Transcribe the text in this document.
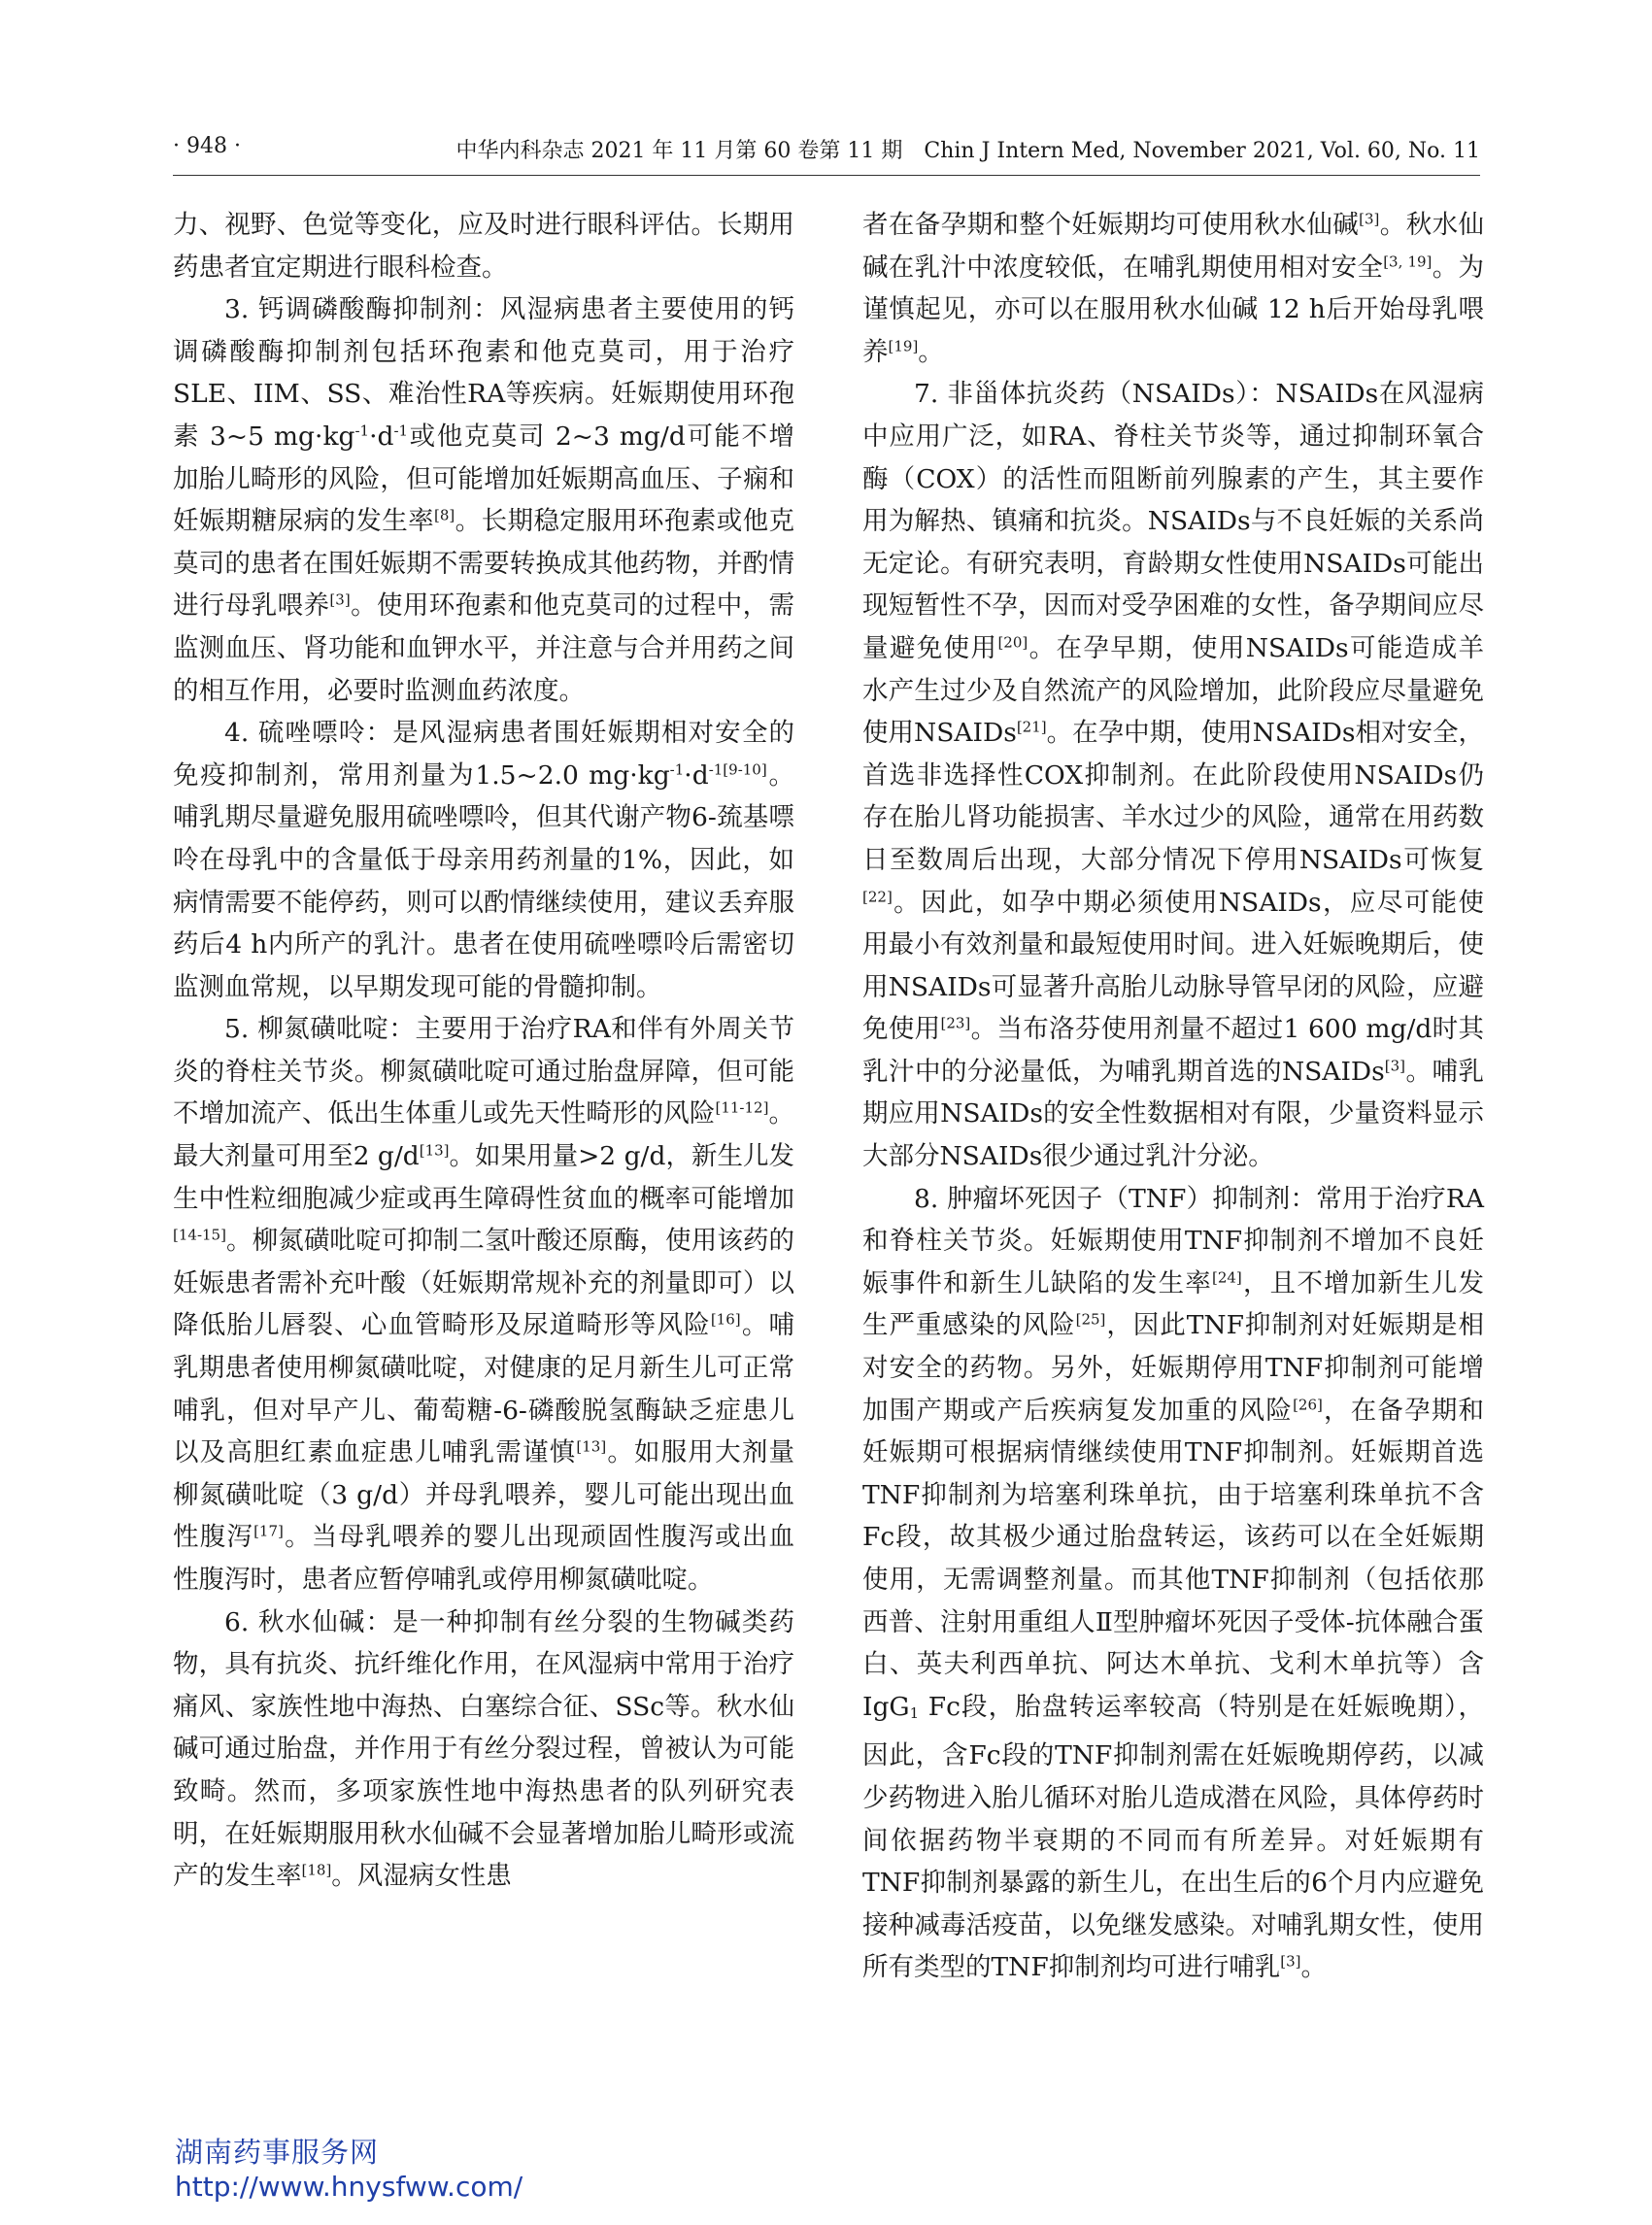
· 948 ·	中华内科杂志 2021 年 11 月第 60 卷第 11 期　Chin J Intern Med, November 2021, Vol. 60, No. 11

力、视野、色觉等变化，应及时进行眼科评估。长期用药患者宜定期进行眼科检查。

3. 钙调磷酸酶抑制剂：风湿病患者主要使用的钙调磷酸酶抑制剂包括环孢素和他克莫司，用于治疗SLE、IIM、SS、难治性RA等疾病。妊娠期使用环孢素 3~5 $mg\cdot kg^{-1}\cdot d^{-1}$或他克莫司 2~3 mg/d可能不增加胎儿畸形的风险，但可能增加妊娠期高血压、子痫和妊娠期糖尿病的发生率[8]。长期稳定服用环孢素或他克莫司的患者在围妊娠期不需要转换成其他药物，并酌情进行母乳喂养[3]。使用环孢素和他克莫司的过程中，需监测血压、肾功能和血钾水平，并注意与合并用药之间的相互作用，必要时监测血药浓度。

4. 硫唑嘌呤：是风湿病患者围妊娠期相对安全的免疫抑制剂，常用剂量为1.5~2.0 $mg\cdot kg^{-1}\cdot d^{-1[9-10]}$。哺乳期尽量避免服用硫唑嘌呤，但其代谢产物6-巯基嘌呤在母乳中的含量低于母亲用药剂量的1%，因此，如病情需要不能停药，则可以酌情继续使用，建议丢弃服药后4 h内所产的乳汁。患者在使用硫唑嘌呤后需密切监测血常规，以早期发现可能的骨髓抑制。

5. 柳氮磺吡啶：主要用于治疗RA和伴有外周关节炎的脊柱关节炎。柳氮磺吡啶可通过胎盘屏障，但可能不增加流产、低出生体重儿或先天性畸形的风险[11-12]。最大剂量可用至2 g/d[13]。如果用量>2 g/d，新生儿发生中性粒细胞减少症或再生障碍性贫血的概率可能增加[14-15]。柳氮磺吡啶可抑制二氢叶酸还原酶，使用该药的妊娠患者需补充叶酸（妊娠期常规补充的剂量即可）以降低胎儿唇裂、心血管畸形及尿道畸形等风险[16]。哺乳期患者使用柳氮磺吡啶，对健康的足月新生儿可正常哺乳，但对早产儿、葡萄糖-6-磷酸脱氢酶缺乏症患儿以及高胆红素血症患儿哺乳需谨慎[13]。如服用大剂量柳氮磺吡啶（3 g/d）并母乳喂养，婴儿可能出现出血性腹泻[17]。当母乳喂养的婴儿出现顽固性腹泻或出血性腹泻时，患者应暂停哺乳或停用柳氮磺吡啶。

6. 秋水仙碱：是一种抑制有丝分裂的生物碱类药物，具有抗炎、抗纤维化作用，在风湿病中常用于治疗痛风、家族性地中海热、白塞综合征、SSc等。秋水仙碱可通过胎盘，并作用于有丝分裂过程，曾被认为可能致畸。然而，多项家族性地中海热患者的队列研究表明，在妊娠期服用秋水仙碱不会显著增加胎儿畸形或流产的发生率[18]。风湿病女性患

者在备孕期和整个妊娠期均可使用秋水仙碱[3]。秋水仙碱在乳汁中浓度较低，在哺乳期使用相对安全[3, 19]。为谨慎起见，亦可以在服用秋水仙碱 12 h后开始母乳喂养[19]。

7. 非甾体抗炎药（NSAIDs）：NSAIDs在风湿病中应用广泛，如RA、脊柱关节炎等，通过抑制环氧合酶（COX）的活性而阻断前列腺素的产生，其主要作用为解热、镇痛和抗炎。NSAIDs与不良妊娠的关系尚无定论。有研究表明，育龄期女性使用NSAIDs可能出现短暂性不孕，因而对受孕困难的女性，备孕期间应尽量避免使用[20]。在孕早期，使用NSAIDs可能造成羊水产生过少及自然流产的风险增加，此阶段应尽量避免使用NSAIDs[21]。在孕中期，使用NSAIDs相对安全，首选非选择性COX抑制剂。在此阶段使用NSAIDs仍存在胎儿肾功能损害、羊水过少的风险，通常在用药数日至数周后出现，大部分情况下停用NSAIDs可恢复[22]。因此，如孕中期必须使用NSAIDs，应尽可能使用最小有效剂量和最短使用时间。进入妊娠晚期后，使用NSAIDs可显著升高胎儿动脉导管早闭的风险，应避免使用[23]。当布洛芬使用剂量不超过1 600 mg/d时其乳汁中的分泌量低，为哺乳期首选的NSAIDs[3]。哺乳期应用NSAIDs的安全性数据相对有限，少量资料显示大部分NSAIDs很少通过乳汁分泌。

8. 肿瘤坏死因子（TNF）抑制剂：常用于治疗RA和脊柱关节炎。妊娠期使用TNF抑制剂不增加不良妊娠事件和新生儿缺陷的发生率[24]，且不增加新生儿发生严重感染的风险[25]，因此TNF抑制剂对妊娠期是相对安全的药物。另外，妊娠期停用TNF抑制剂可能增加围产期或产后疾病复发加重的风险[26]，在备孕期和妊娠期可根据病情继续使用TNF抑制剂。妊娠期首选TNF抑制剂为培塞利珠单抗，由于培塞利珠单抗不含Fc段，故其极少通过胎盘转运，该药可以在全妊娠期使用，无需调整剂量。而其他TNF抑制剂（包括依那西普、注射用重组人Ⅱ型肿瘤坏死因子受体-抗体融合蛋白、英夫利西单抗、阿达木单抗、戈利木单抗等）含IgG$_1$ Fc段，胎盘转运率较高（特别是在妊娠晚期），因此，含Fc段的TNF抑制剂需在妊娠晚期停药，以减少药物进入胎儿循环对胎儿造成潜在风险，具体停药时间依据药物半衰期的不同而有所差异。对妊娠期有TNF抑制剂暴露的新生儿，在出生后的6个月内应避免接种减毒活疫苗，以免继发感染。对哺乳期女性，使用所有类型的TNF抑制剂均可进行哺乳[3]。

湖南药事服务网
http://www.hnysfww.com/
